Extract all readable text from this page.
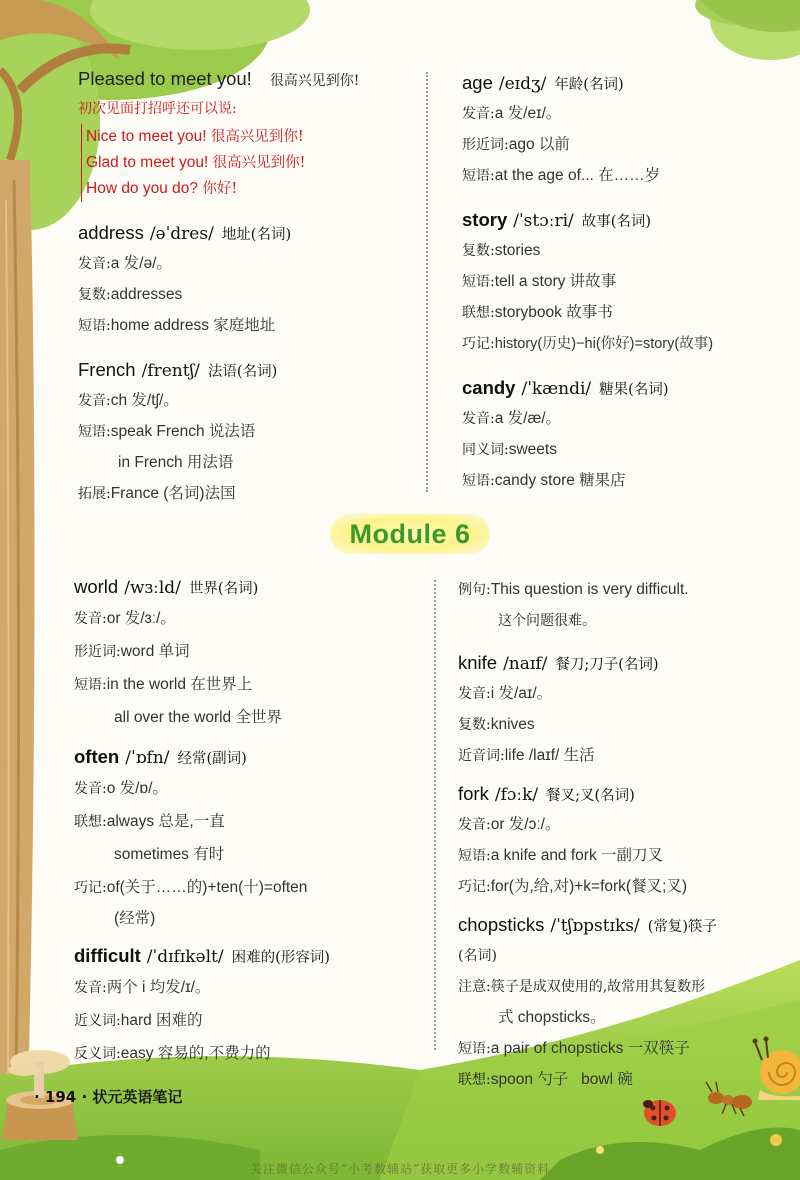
Pleased to meet you! 很高兴见到你!
初次见面打招呼还可以说:
Nice to meet you! 很高兴见到你!
Glad to meet you! 很高兴见到你!
How do you do? 你好!
address /əˈdres/ 地址(名词)
发音:a 发/ə/。
复数:addresses
短语:home address 家庭地址
French /frentʃ/ 法语(名词)
发音:ch 发/tʃ/。
短语:speak French 说法语
in French 用法语
拓展:France (名词)法国
age /eɪdʒ/ 年龄(名词)
发音:a 发/eɪ/。
形近词:ago 以前
短语:at the age of... 在……岁
story /ˈstɔːri/ 故事(名词)
复数:stories
短语:tell a story 讲故事
联想:storybook 故事书
巧记:history(历史)−hi(你好)=story(故事)
candy /ˈkændi/ 糖果(名词)
发音:a 发/æ/。
同义词:sweets
短语:candy store 糖果店
Module 6
world /wɜːld/ 世界(名词)
发音:or 发/ɜː/。
形近词:word 单词
短语:in the world 在世界上
all over the world 全世界
often /ˈɒfn/ 经常(副词)
发音:o 发/ɒ/。
联想:always 总是,一直
sometimes 有时
巧记:of(关于……的)+ten(十)=often
(经常)
difficult /ˈdɪfɪkəlt/ 困难的(形容词)
发音:两个 i 均发/ɪ/。
近义词:hard 困难的
反义词:easy 容易的,不费力的
例句:This question is very difficult.
这个问题很难。
knife /naɪf/ 餐刀;刀子(名词)
发音:i 发/aɪ/。
复数:knives
近音词:life /laɪf/ 生活
fork /fɔːk/ 餐叉;叉(名词)
发音:or 发/ɔː/。
短语:a knife and fork 一副刀叉
巧记:for(为,给,对)+k=fork(餐叉;叉)
chopsticks /ˈtʃɒpstɪks/ (常复)筷子
(名词)
注意:筷子是成双使用的,故常用其复数形
式 chopsticks。
短语:a pair of chopsticks 一双筷子
联想:spoon 勺子   bowl 碗
· 194 · 状元英语笔记
关注微信公众号“小考数辅站”获取更多小学数辅资料
